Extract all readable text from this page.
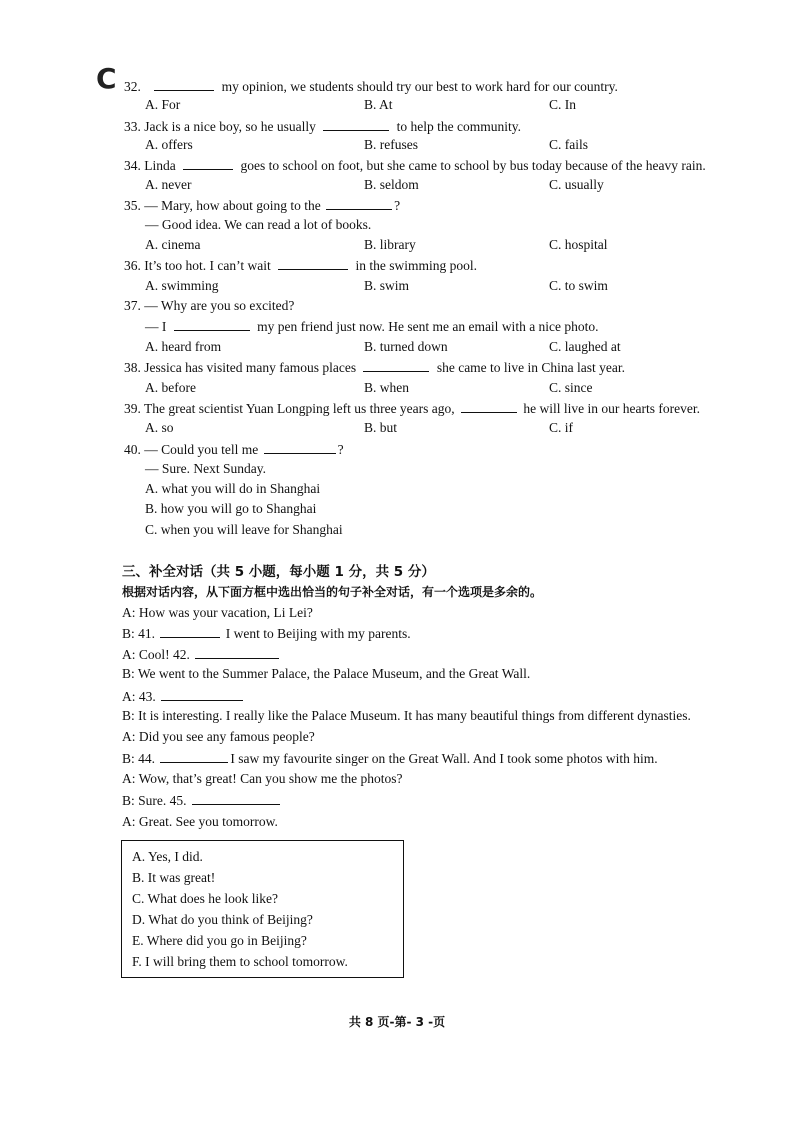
C 32.	my opinion, we students should try our best to work hard for our country.
A. For	B. At	C. In
33. Jack is a nice boy, so he usually	to help the community.
A. offers	B. refuses	C. fails
34. Linda	goes to school on foot, but she came to school by bus today because of the heavy rain.
A. never	B. seldom	C. usually
35. — Mary, how about going to the	?
— Good idea. We can read a lot of books.
A. cinema	B. library	C. hospital
36. It’s too hot. I can’t wait	in the swimming pool.
A. swimming	B. swim	C. to swim
37. — Why are you so excited?
— I	my pen friend just now. He sent me an email with a nice photo.
A. heard from	B. turned down	C. laughed at
38. Jessica has visited many famous places	she came to live in China last year.
A. before	B. when	C. since
39. The great scientist Yuan Longping left us three years ago,	he will live in our hearts forever.
A. so	B. but	C. if
40. — Could you tell me	?
— Sure. Next Sunday.
A. what you will do in Shanghai
B. how you will go to Shanghai
C. when you will leave for Shanghai
三、补全对话（共 5 小题，每小题 1 分，共 5 分）
根据对话内容，从下面方框中选出恰当的句子补全对话，有一个选项是多余的。
A: How was your vacation, Li Lei?
B: 41.	I went to Beijing with my parents.
A: Cool! 42.
B: We went to the Summer Palace, the Palace Museum, and the Great Wall.
A: 43.
B: It is interesting. I really like the Palace Museum. It has many beautiful things from different dynasties.
A: Did you see any famous people?
B: 44.	I saw my favourite singer on the Great Wall. And I took some photos with him.
A: Wow, that’s great! Can you show me the photos?
B: Sure. 45.
A: Great. See you tomorrow.
A. Yes, I did.
B. It was great!
C. What does he look like?
D. What do you think of Beijing?
E. Where did you go in Beijing?
F. I will bring them to school tomorrow.
共 8 页-第- 3 -页
